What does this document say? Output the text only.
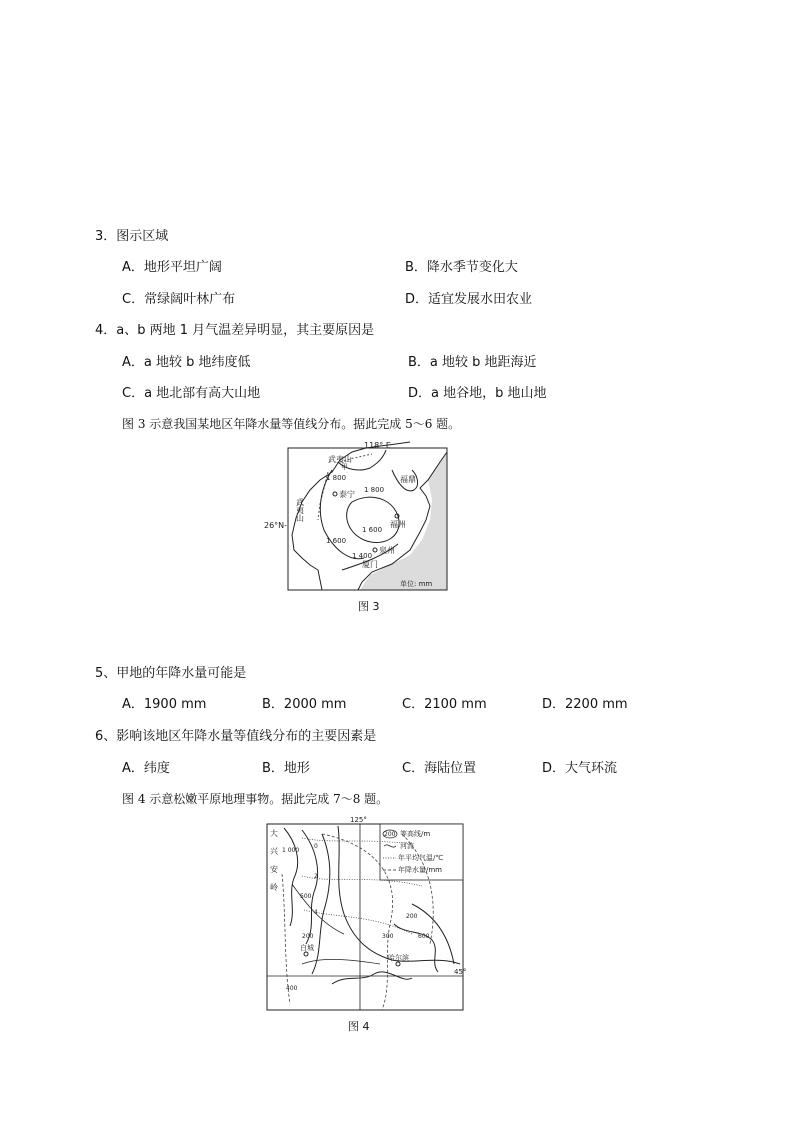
3．图示区域
A．地形平坦广阔	B．降水季节变化大
C．常绿阔叶林广布	D．适宜发展水田农业
4．a、b 两地 1 月气温差异明显，其主要原因是
A．a 地较 b 地纬度低	B．a 地较 b 地距海近
C．a 地北部有高大山地	D．a 地谷地，b 地山地
图 3 示意我国某地区年降水量等值线分布。据此完成 5～6 题。
118° E
26°N-
武夷山
甲
武夷山
1 800
1 800
1 600
1 600
1 400
泰宁
福鼎
福州
泉州
厦门
单位: mm
图 3
5、甲地的年降水量可能是
A．1900 mm	B．2000 mm	C．2100 mm	D．2200 mm
6、影响该地区年降水量等值线分布的主要因素是
A．纬度	B．地形	C．海陆位置	D．大气环流
图 4 示意松嫩平原地理事物。据此完成 7～8 题。
200 等高线/m
河流
年平均气温/℃
年降水量/mm
125°
45°
大
兴
安
岭
1 000
0
2
500
4
200
200
300	600
400
白城
哈尔滨
图 4
